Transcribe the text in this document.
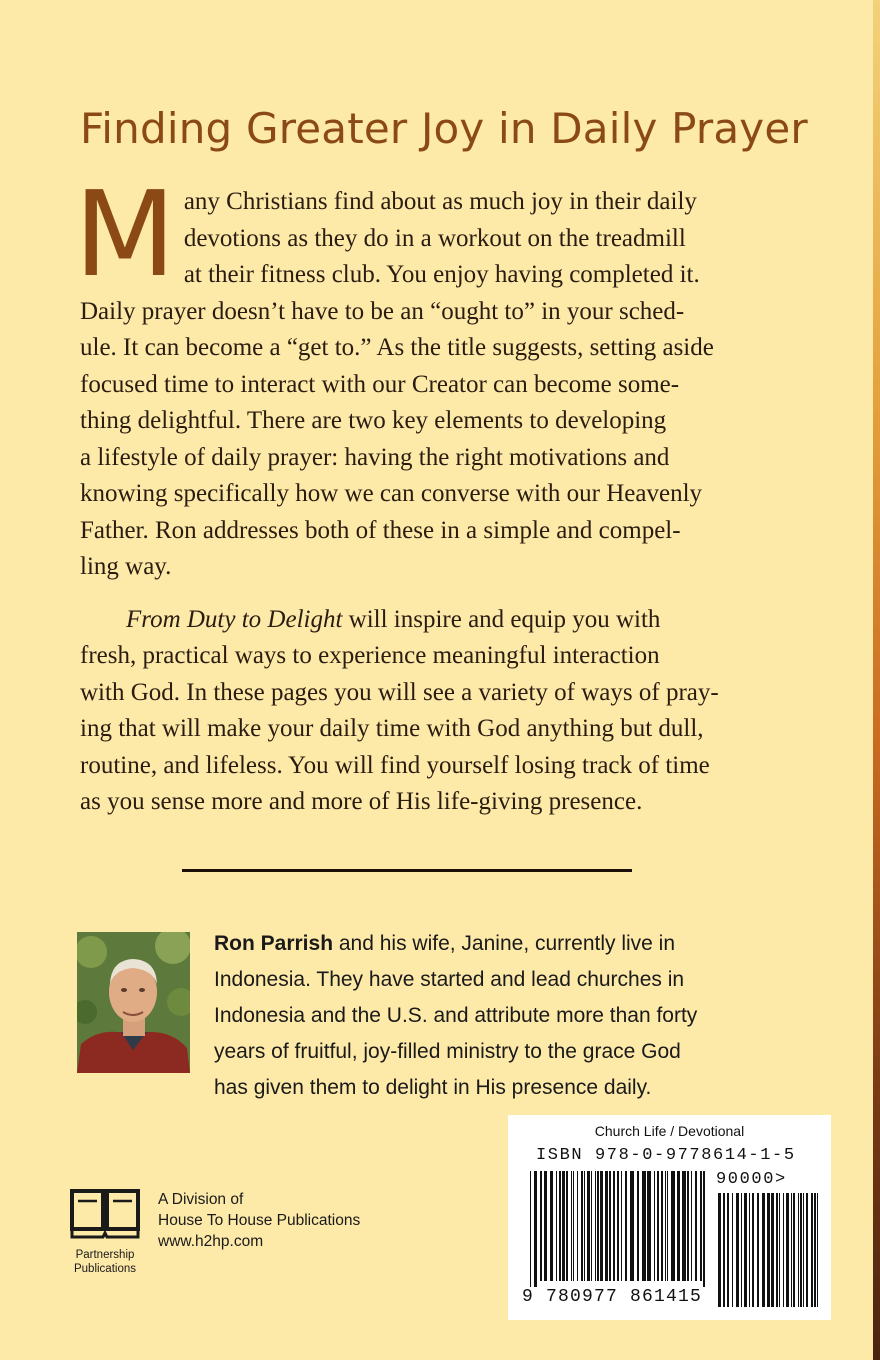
Finding Greater Joy in Daily Prayer
M any Christians find about as much joy in their daily

devotions as they do in a workout on the treadmill

at their fitness club. You enjoy having completed it.

Daily prayer doesn’t have to be an “ought to” in your sched-

ule. It can become a “get to.” As the title suggests, setting aside

focused time to interact with our Creator can become some-

thing delightful. There are two key elements to developing

a lifestyle of daily prayer: having the right motivations and

knowing specifically how we can converse with our Heavenly

Father. Ron addresses both of these in a simple and compel-

ling way.

From Duty to Delight will inspire and equip you with

fresh, practical ways to experience meaningful interaction

with God. In these pages you will see a variety of ways of pray-

ing that will make your daily time with God anything but dull,

routine, and lifeless. You will find yourself losing track of time

as you sense more and more of His life-giving presence.

Ron Parrish and his wife, Janine, currently live in
Indonesia. They have started and lead churches in
Indonesia and the U.S. and attribute more than forty
years of fruitful, joy-filled ministry to the grace God
has given them to delight in His presence daily.
Partnership
Publications
A Division of
House To House Publications
www.h2hp.com
Church Life / Devotional
ISBN 978-0-9778614-1-5
90000>
9 780977 861415
